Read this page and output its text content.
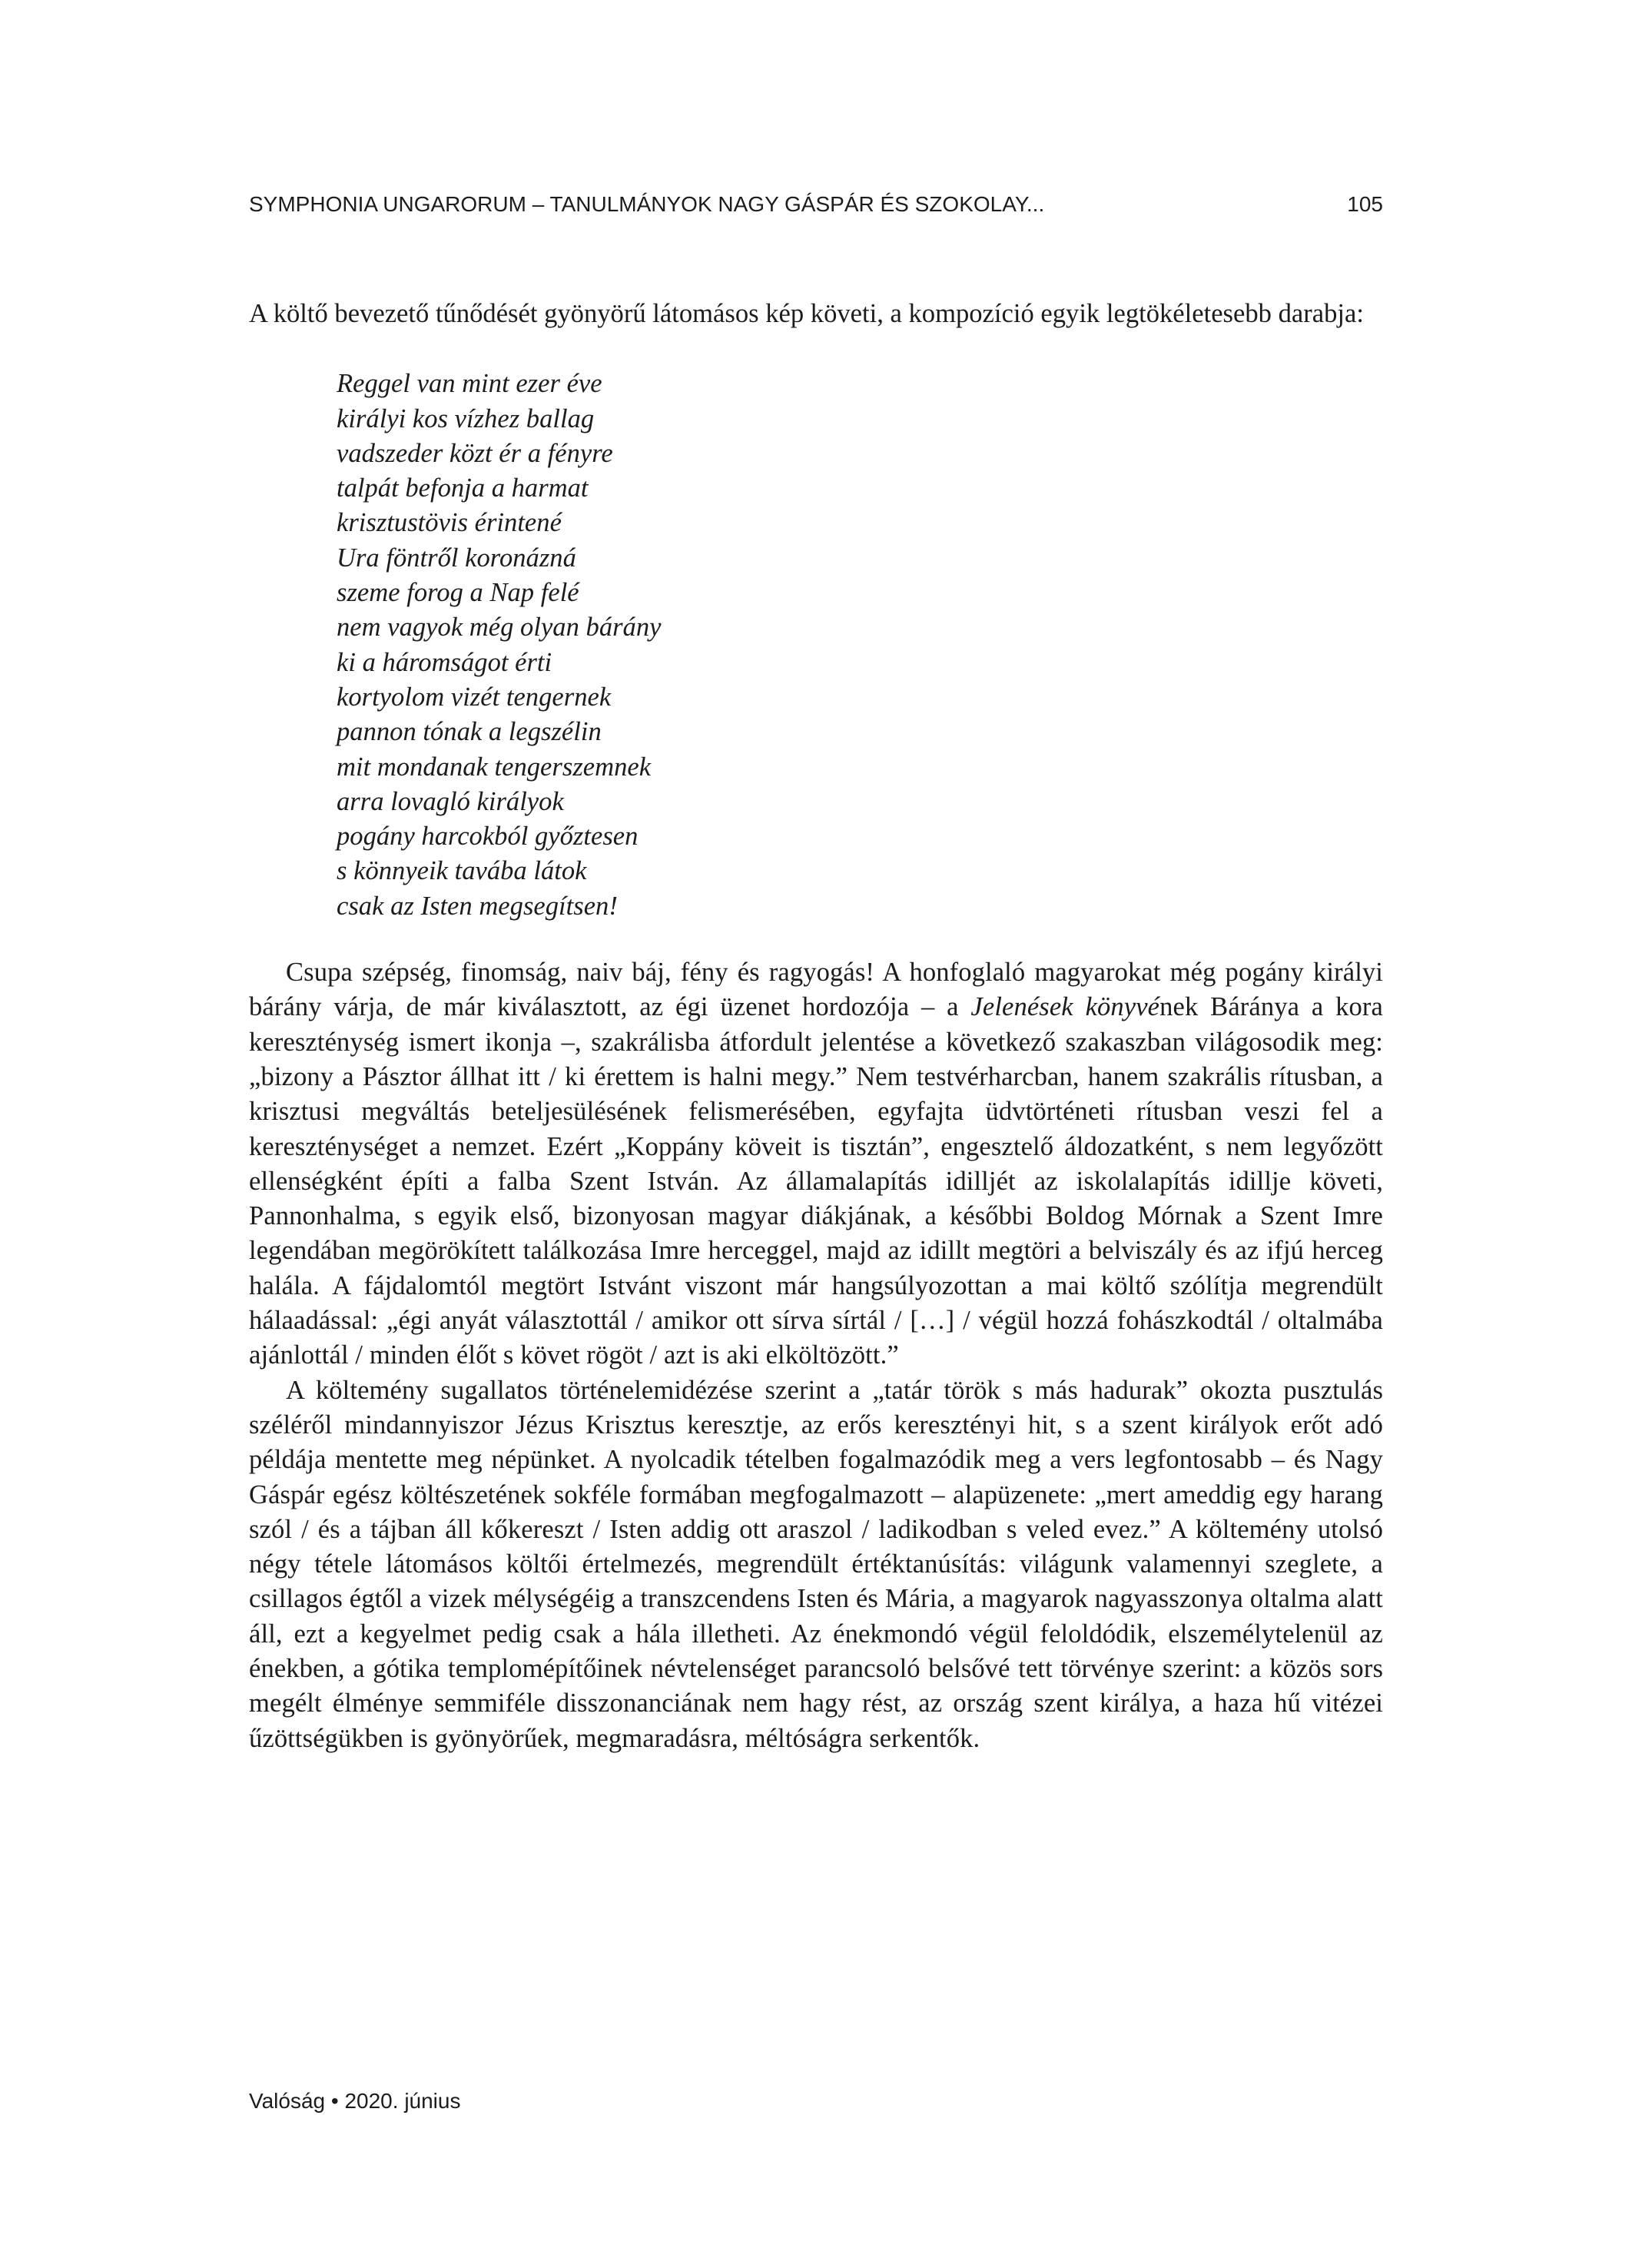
SYMPHONIA UNGARORUM – TANULMÁNYOK NAGY GÁSPÁR ÉS SZOKOLAY...	105

A költő bevezető tűnődését gyönyörű látomásos kép követi, a kompozíció egyik legtökéletesebb darabja:

Reggel van mint ezer éve
királyi kos vízhez ballag
vadszeder közt ér a fényre
talpát befonja a harmat
krisztustövis érintené
Ura föntről koronázná
szeme forog a Nap felé
nem vagyok még olyan bárány
ki a háromságot érti
kortyolom vizét tengernek
pannon tónak a legszélin
mit mondanak tengerszemnek
arra lovagló királyok
pogány harcokból győztesen
s könnyeik tavába látok
csak az Isten megsegítsen!

Csupa szépség, finomság, naiv báj, fény és ragyogás! A honfoglaló magyarokat még pogány királyi bárány várja, de már kiválasztott, az égi üzenet hordozója – a Jelenések könyvének Báránya a kora kereszténység ismert ikonja –, szakrálisba átfordult jelentése a következő szakaszban világosodik meg: „bizony a Pásztor állhat itt / ki érettem is halni megy.” Nem testvérharcban, hanem szakrális rítusban, a krisztusi megváltás beteljesülésének felismerésében, egyfajta üdvtörténeti rítusban veszi fel a kereszténységet a nemzet. Ezért „Koppány köveit is tisztán”, engesztelő áldozatként, s nem legyőzött ellenségként építi a falba Szent István. Az államalapítás idilljét az iskolalapítás idillje követi, Pannonhalma, s egyik első, bizonyosan magyar diákjának, a későbbi Boldog Mórnak a Szent Imre legendában megörökített találkozása Imre herceggel, majd az idillt megtöri a belviszály és az ifjú herceg halála. A fájdalomtól megtört Istvánt viszont már hangsúlyozottan a mai költő szólítja megrendült hálaadással: „égi anyát választottál / amikor ott sírva sírtál / […] / végül hozzá fohászkodtál / oltalmába ajánlottál / minden élőt s követ rögöt / azt is aki elköltözött.”

A költemény sugallatos történelemidézése szerint a „tatár török s más hadurak” okozta pusztulás széléről mindannyiszor Jézus Krisztus keresztje, az erős keresztényi hit, s a szent királyok erőt adó példája mentette meg népünket. A nyolcadik tételben fogalmazódik meg a vers legfontosabb – és Nagy Gáspár egész költészetének sokféle formában megfogalmazott – alapüzenete: „mert ameddig egy harang szól / és a tájban áll kőkereszt / Isten addig ott araszol / ladikodban s veled evez.” A költemény utolsó négy tétele látomásos költői értelmezés, megrendült értéktanúsítás: világunk valamennyi szeglete, a csillagos égtől a vizek mélységéig a transzcendens Isten és Mária, a magyarok nagyasszonya oltalma alatt áll, ezt a kegyelmet pedig csak a hála illetheti. Az énekmondó végül feloldódik, elszemélytelenül az énekben, a gótika templomépítőinek névtelenséget parancsoló belsővé tett törvénye szerint: a közös sors megélt élménye semmiféle disszonanciának nem hagy rést, az ország szent királya, a haza hű vitézei űzöttségükben is gyönyörűek, megmaradásra, méltóságra serkentők.

Valóság • 2020. június
